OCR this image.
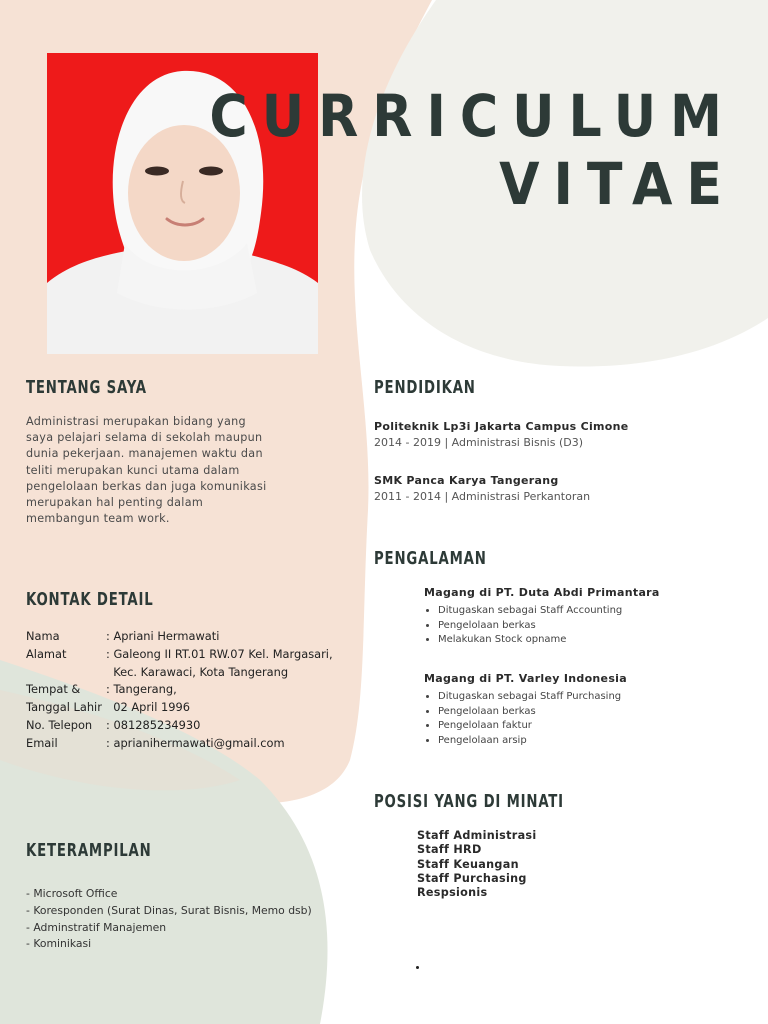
CURRICULUM
VITAE
TENTANG SAYA
Administrasi merupakan bidang yang saya pelajari selama di sekolah maupun dunia pekerjaan. manajemen waktu dan teliti merupakan kunci utama dalam pengelolaan berkas dan juga komunikasi merupakan hal penting dalam membangun team work.
KONTAK DETAIL
Nama	: Apriani Hermawati
Alamat	: Galeong II RT.01 RW.07 Kel. Margasari,
Kec. Karawaci, Kota Tangerang
Tempat &	: Tangerang,
Tanggal Lahir 02 April 1996
No. Telepon	: 081285234930
Email	: aprianihermawati@gmail.com
KETERAMPILAN
- Microsoft Office
- Koresponden (Surat Dinas, Surat Bisnis, Memo dsb)
- Adminstratif Manajemen
- Kominikasi
PENDIDIKAN
Politeknik Lp3i Jakarta Campus Cimone
2014 - 2019 | Administrasi Bisnis (D3)
SMK Panca Karya Tangerang
2011 - 2014 | Administrasi Perkantoran
PENGALAMAN
Magang di PT. Duta Abdi Primantara
• Ditugaskan sebagai Staff Accounting
• Pengelolaan berkas
• Melakukan Stock opname
Magang di PT. Varley Indonesia
• Ditugaskan sebagai Staff Purchasing
• Pengelolaan berkas
• Pengelolaan faktur
• Pengelolaan arsip
POSISI YANG DI MINATI
Staff Administrasi
Staff HRD
Staff Keuangan
Staff Purchasing
Respsionis
